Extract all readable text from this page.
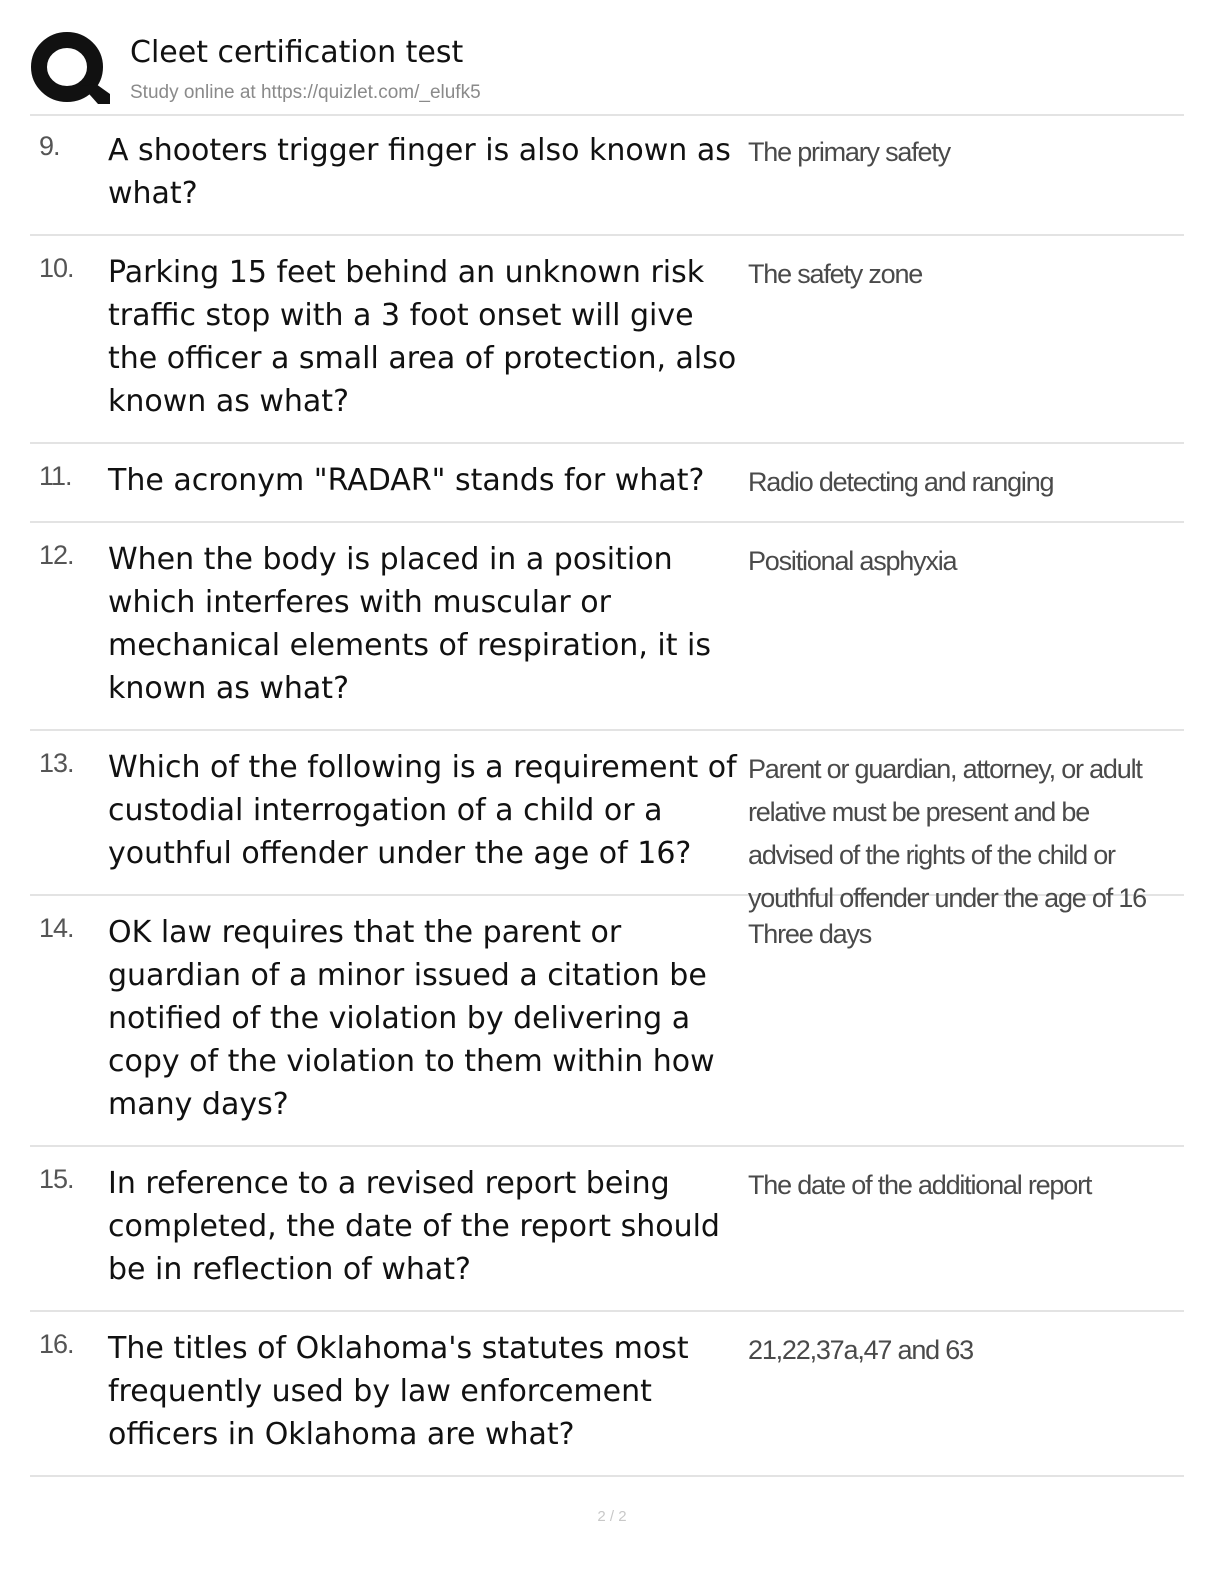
Cleet certification test
Study online at https://quizlet.com/_elufk5
9. A shooters trigger finger is also known as what?
The primary safety
10. Parking 15 feet behind an unknown risk traffic stop with a 3 foot onset will give the officer a small area of protection, also known as what?
The safety zone
11. The acronym "RADAR" stands for what?	Radio detecting and ranging
12. When the body is placed in a position which interferes with muscular or mechanical elements of respiration, it is known as what?
Positional asphyxia
13. Which of the following is a requirement of custodial interrogation of a child or a youthful offender under the age of 16?
Parent or guardian, attorney, or adult relative must be present and be advised of the rights of the child or youthful offender under the age of 16
14. OK law requires that the parent or guardian of a minor issued a citation be notified of the violation by delivering a copy of the violation to them within how many days?
Three days
15. In reference to a revised report being completed, the date of the report should be in reflection of what?
The date of the additional report
16. The titles of Oklahoma's statutes most frequently used by law enforcement officers in Oklahoma are what?
21,22,37a,47 and 63
2 / 2
